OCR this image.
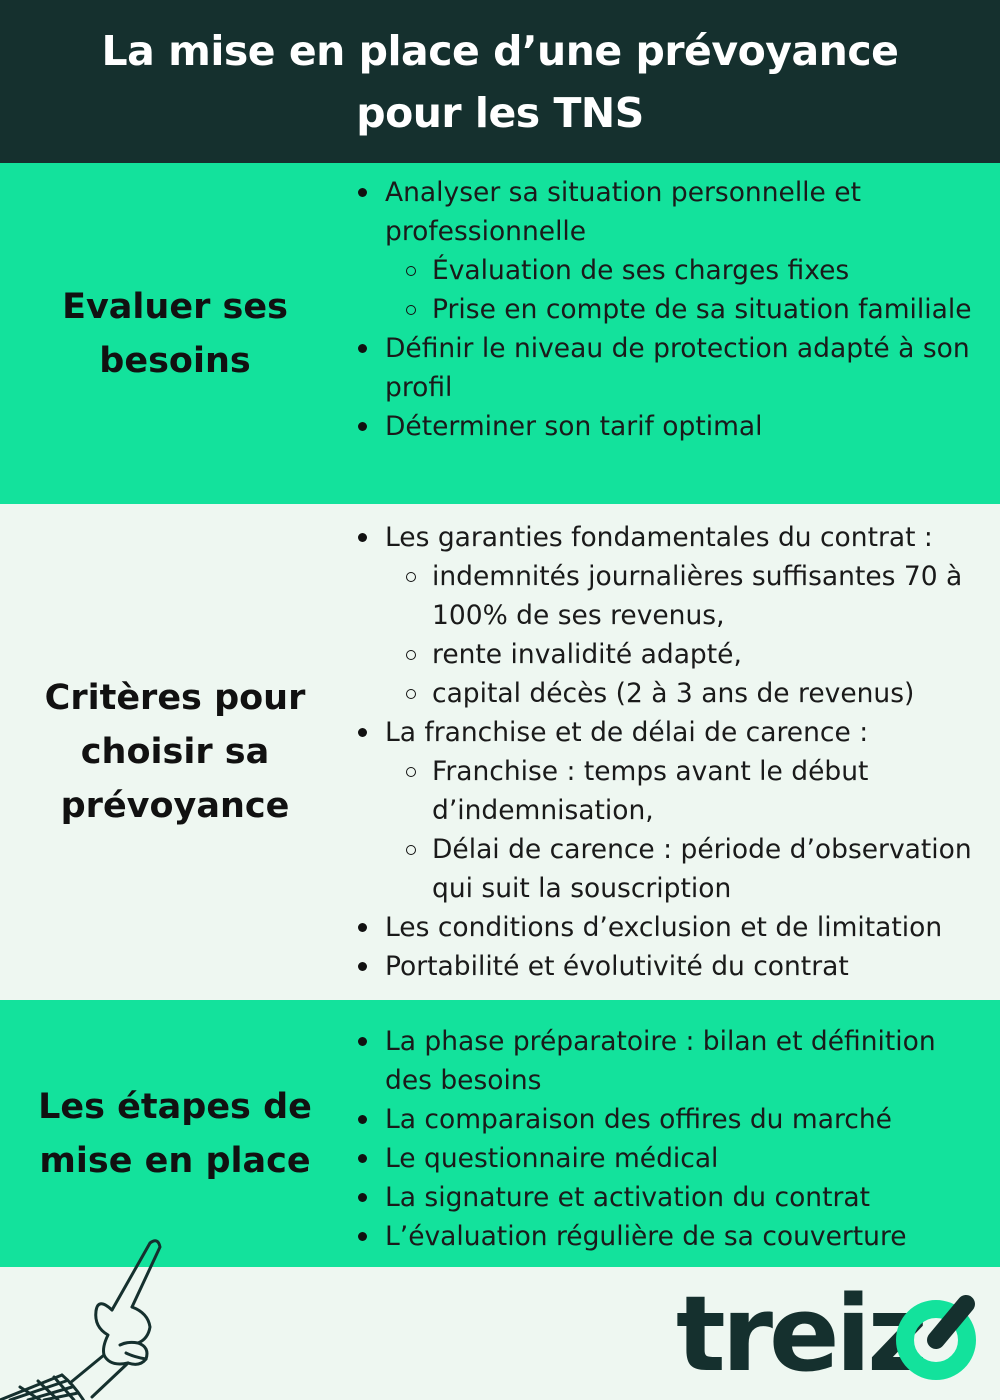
La mise en place d’une prévoyance
pour les TNS
Evaluer ses
besoins
Analyser sa situation personnelle et professionnelle
Évaluation de ses charges fixes
Prise en compte de sa situation familiale
Définir le niveau de protection adapté à son profil
Déterminer son tarif optimal
Critères pour
choisir sa
prévoyance
Les garanties fondamentales du contrat :
indemnités journalières suffisantes 70 à 100% de ses revenus,
rente invalidité adapté,
capital décès (2 à 3 ans de revenus)
La franchise et de délai de carence :
Franchise : temps avant le début d’indemnisation,
Délai de carence : période d’observation qui suit la souscription
Les conditions d’exclusion et de limitation
Portabilité et évolutivité du contrat
Les étapes de
mise en place
La phase préparatoire : bilan et définition des besoins
La comparaison des offires du marché
Le questionnaire médical
La signature et activation du contrat
L’évaluation régulière de sa couverture
treiz
